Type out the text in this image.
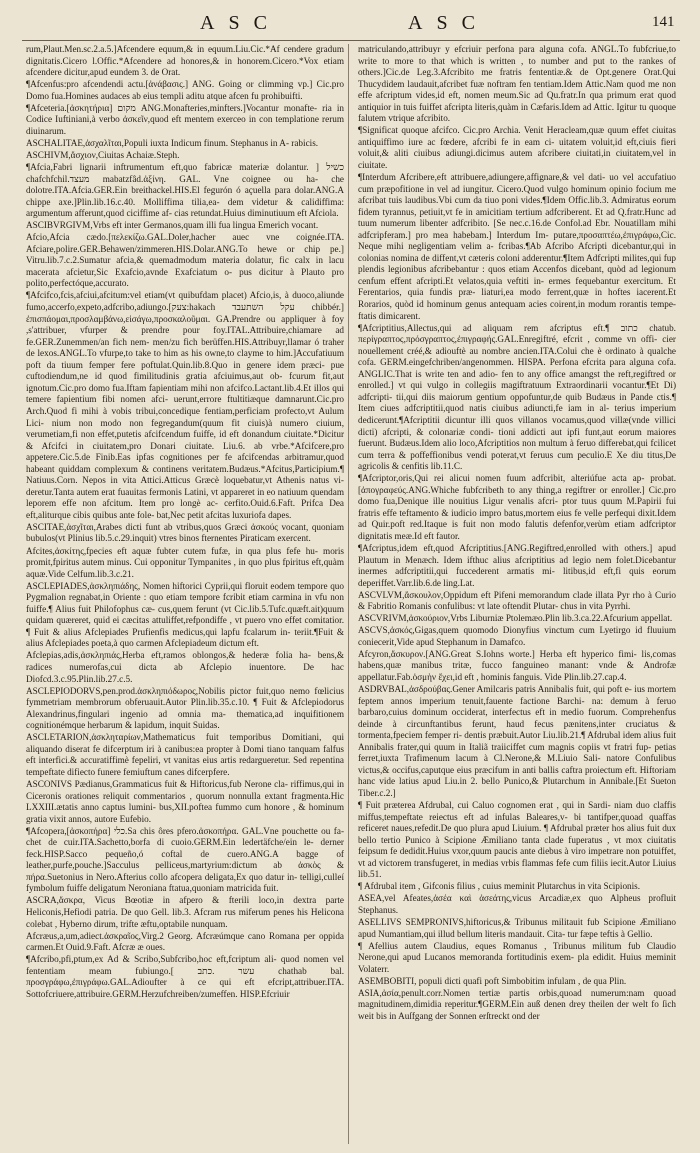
ASC	ASC	141

rum,Plaut.Men.sc.2.a.5.]Afcendere equum,& in equum.Liu.Cic.*Af cendere gradum dignitatis.Cicero l.Offic.*Afcendere ad honores,& in honorem.Cicero.*Vox etiam afcendere dicitur,apud eundem 3. de Orat.

¶Afcenfus:pro afcendendi actu.[ἀνάβασις.] ANG. Going or climming vp.] Cic.pro Domo fua.Homines audaces ab eius templi aditu atque afcen fu prohibuifti.

¶Afceteria.[ἀσκητήρια] מקום ANG.Monafteries,minfters.]Vocantur monafte- ria in Codice Iuftiniani,à verbo ἀσκεῖν,quod eft mentem exerceo in con templatione rerum diuinarum.

ASCHALITAE,ἀσχαλῖται,Populi iuxta Indicum finum. Stephanus in A- rabicis.

ASCHIVM,ἄσχιον,Ciuitas Achaiæ.Steph.

¶Afcia,Fabri lignarii inftrumentum eft,quo fabricæ materiæ dolantur. ] כשיל chafchfchil.מעצד mabatzfâd.ἀξίνη. GAL. Vne coignee ou ha- che dolotre.ITA.Afcia.GER.Ein breithackel.HIS.El fegurón ó açuella para dolar.ANG.A chippe axe.]Plin.lib.16.c.40. Molliffima tilia,ea- dem videtur & calidiffima: argumentum afferunt,quod ciciffime af- cias retundat.Huius diminutiuum eft Afciola.

ASCIBVRGIVM,Vrbs eft inter Germanos,quam illi fua lingua Emerich vocant.

Afcio,Afcia cædo.[πελεκίζω.GAL.Doler,hacher auec vne coignée.ITA. Afciare,polire.GER.Behawen/zimmeren.HIS.Dolar.ANG.To hewe or chip pe.] Vitru.lib.7.c.2.Sumatur afcia,& quemadmodum materia dolatur, fic calx in lacu macerata afcietur,Sic Exafcio,avnde Exafciatum o- pus dicitur à Plauto pro polito,perfectóque,accurato.

¶Afcifco,fcis,afciui,afcitum:vel etiam(vt quibufdam placet) Afcio,is, à duoco,aliunde fumo,accerfo,expeto,adfcribo,adiungo.[צעק:hakach עקל השתעבד chibbér.] ἐπισπάομαι,προσλαμβάνω,εἰσάγω,προσκαλοῦμαι. GA.Prendre ou appliquer à foy ,s'attribuer, vfurper & prendre pour foy.ITAL.Attribuire,chiamare ad fe.GER.Zunemmen/an fich nem- men/zu fich berüffen.HIS.Attribuyr,llamar ó traher de lexos.ANGL.To vfurpe,to take to him as his owne,to clayme to him.]Accufatiuum poft da tiuum femper fere poftulat.Quin.lib.8.Quo in genere idem præci- pue cuftodiendum,ne id quod fimilitudinis gratia afciuimus,aut ob- fcurum fit,aut ignotum.Cic.pro domo fua.Iftam fapientiam mihi non afcifco.Lactant.lib.4.Et illos qui temere fapientium fibi nomen afci- uerunt,errore ftultitiæque damnarunt.Cic.pro Arch.Quod fi mihi à vobis tribui,concedique fentiam,perficiam profecto,vt Aulum Lici- nium non modo non fegregandum(quum fit ciuis)à numero ciuium, verumetiam,fi non effet,putetis afcifcendum fuiffe, id eft donandum ciuitate.*Dicitur & Afcifci in ciuitatem,pro Donari ciuitate. Liu.6. ab vrbe.*Afcifcere,pro appetere.Cic.5.de Finib.Eas ipfas cognitiones per fe afcifcendas arbitramur,quod habeant quiddam complexum & continens veritatem.Budæus.*Afcitus,Participium.¶ Natiuus.Corn. Nepos in vita Attici.Atticus Græcè loquebatur,vt Athenis natus vi- deretur.Tanta autem erat fuauitas fermonis Latini, vt appareret in eo natiuum quendam leporem effe non afcitum. Item pro longè ac- cerfito.Ouid.6.Faft. Prifca Dea eft,aliturque cibis quibus ante fole- bat,Nec petit afcitas luxuriofa dapes.

ASCITAE,ἀσχῖται,Arabes dicti funt ab vtribus,quos Græci ἀσκούς vocant, quoniam bubulos(vt Plinius lib.5.c.29.inquit) vtres binos fternentes Piraticam exercent.

Afcites,ἀσκίτης,fpecies eft aquæ fubter cutem fufæ, in qua plus fefe hu- moris promit,fpiritus autem minus. Cui opponitur Tympanites , in quo plus fpiritus eft,quàm aquæ.Vide Celfum.lib.3.c.21.

ASCLEPIADES,ἀσκληπιάδης, Nomen hiftorici Cyprii,qui floruit eodem tempore quo Pygmalion regnabat,in Oriente : quo etiam tempore fcribit etiam carmina in vfu non fuiffe.¶ Alius fuit Philofophus cæ- cus,quem ferunt (vt Cic.lib.5.Tufc.quæft.ait)quum quidam quæreret, quid ei cæcitas attuliffet,refpondiffe , vt puero vno effet comitatior. ¶ Fuit & alius Afclepiades Prufienfis medicus,qui lapfu fcalarum in- teriit.¶Fuit & alius Afclepiades poeta,à quo carmen Afclepiadeum dictum eft.

Afclepias,adis,ἀσκληπιάς,Herba eft,ramos oblongos,& hederæ folia ha- bens,& radices numerofas,cui dicta ab Afclepio inuentore. De hac Diofcd.3.c.95.Plin.lib.27.c.5.

ASCLEPIODORVS,pen.prod.ἀσκληπιόδωρος,Nobilis pictor fuit,quo nemo fœlicius fymmetriam membrorum obferuauit.Autor Plin.lib.35.c.10. ¶ Fuit & Afclepiodorus Alexandrinus,fingulari ingenio ad omnia ma- thematica,ad inquifitionem cognitionémque herbarum & lapidum, inquit Suidas.

ASCLETARION,ἀσκληταρίων,Mathematicus fuit temporibus Domitiani, qui aliquando diserat fe difcerptum iri à canibus:ea propter à Domi tiano tanquam falfus eft interfici.& accuratiffimè fepeliri, vt vanitas eius artis redargueretur. Sed repentina tempeftate difiecto funere femiuftum canes difcerpfere.

ASCONIVS Pædianus,Grammaticus fuit & Hiftoricus,fub Nerone cla- riffimus,qui in Ciceronis orationes reliquit commentarios , quorum nonnulla extant fragmenta.Hic LXXIII.ætatis anno captus lumini- bus,XII.poftea fummo cum honore , & hominum gratia vixit annos, autore Eufebio.

¶Afcopera,[ἀσκοπήρα] כלי.Sa chis ôres pfero.ἀσκοπήρα. GAL.Vne pouchette ou fa- chet de cuir.ITA.Sachetto,borfa di cuoio.GERM.Ein ledertäfche/ein le- derner feck.HISP.Sacco pequeño,ó coftal de cuero.ANG.A bagge of leather,purfe,pouche.]Sacculus pelliceus,martyrium:dictum ab ἀσκὸς & πήρα.Suetonius in Nero.Afterius collo afcopera deligata,Ex quo datur in- telligi,culleí fymbolum fuiffe deligatum Neroniana ftatua,quoniam matricida fuit.

ASCRA,ἄσκρα, Vicus Bœotiæ in afpero & fterili loco,in dextra parte Heliconis,Hefiodi patria. De quo Gell. lib.3. Afcram rus miferum penes his Helicona colebat , Hyberno dirum, trifte æftu,optabile nunquam.

Afcræus,a,um,adiect.ἀσκραῖος,Virg.2 Georg. Afcræúmque cano Romana per oppida carmen.Et Ouid.9.Faft. Afcræ æ oues.

¶Afcribo,pfi,ptum,ex Ad & Scribo,Subfcribo,hoc eft,fcriptum ali- quod nomen vel fententiam meam fubiungo.[ עשר .כתב chathab bal. προσγράφω,ἐπιγράφω.GAL.Adioufter à ce qui eft efcript,attribuer.ITA. Sottofcriuere,attribuire.GERM.Herzufchreiben/zumeffen. HISP.Efcriuir

matriculando,attribuyr y efcriuir perfona para alguna cofa. ANGL.To fubfcriue,to write to more to that which is written , to number and put to the rankes of others.]Cic.de Leg.3.Afcribito me fratris fententiæ.& de Opt.genere Orat.Qui Thucydidem laudauit,afcribet fuæ noftram fen tentiam.Idem Attic.Nam quod me non effe afcriptum vides,id eft, nomen meum.Sic ad Qu.fratr.In qua primum erat quod antiquior in tuis fuiffet afcripta literis,quàm in Cæfaris.Idem ad Attic. Igitur tu quoque falutem vtrique afcribito.

¶Significat quoque afcifco. Cic.pro Archia. Venit Heracleam,quæ quum effet ciuitas antiquiffimo iure ac fœdere, afcribi fe in eam ci- uitatem voluit,id eft,ciuis fieri voluit,& aliti ciuibus adiungi.dicimus autem afcribere ciuitati,in ciuitatem,vel in ciuitate.

¶Interdum Afcribere,eft attribuere,adiungere,affignare,& vel dati- uo vel accufatiuo cum præpofitione in vel ad iungitur. Cicero.Quod vulgo hominum opinio focium me afcribat tuis laudibus.Vbi cum da tiuo poni vides.¶Idem Offic.lib.3. Admiratus eorum fidem tyrannus, petiuit,vt fe in amicitiam tertium adfcriberent. Et ad Q.fratr.Hunc ad tuum numerum libenter adfcribito. [Se nec.c.16.de Confol.ad Ebr. Nouatillam mihi adfcripferam.] pro mea habebam.] Interdum Im- putare,προσαπτέω,ἐπιγράφω,Cic. Neque mihi negligentiam velim a- fcribas.¶Ab Afcribo Afcripti dicebantur,qui in colonias nomina de diffent,vt cæteris coloni adderentur.¶Item Adfcripti milites,qui fup plendis legionibus afcribebantur : quos etiam Accenfos dicebant, quòd ad legionum cenfum effent afcripti.Et velatos,quia veftiti in- ermes fequebantur exercitum. Et Ferentarios, quia fundis præ- liaturi,ea modo ferrent,quæ in hoftes iacerent.Et Rorarios, quòd id hominum genus antequam acies coirent,in modum rorantis tempe- ftatis dimicarent.

¶Afcriptitius,Allectus,qui ad aliquam rem afcriptus eft.¶ כתוב chatub. περίγραπτος,πρόσγραπτος,ἐπιγραφής.GAL.Enregiftré, efcrit , comme vn offi- cier nouellement créé,& adiouftè au nombre ancien.ITA.Colui che è ordinato à qualche cofa. GERM.eingefchriben/angenommen. HISPA. Perfona efcrita para alguna cofa. ANGLIC.That is write ten and adio- fen to any office amangst the reft,regiftred or enrolled.] vt qui vulgo in collegiis magiftratuum Extraordinarii vocantur.¶Et Di) adfcripti- tii,qui diis maiorum gentium oppofuntur,de quib Budæus in Pande ctis.¶ Item ciues adfcriptitii,quod natis ciuibus adiuncti,fe iam in al- terius imperium dedicerunt.¶Afcriptitii dicuntur illi quos villanos vocamus,quod villæ(vnde villici dicti) afcripti, & colonariæ condi- tioni addicti aut ipfi funt,aut eorum maiores fuerunt. Budæus.Idem alio loco,Afcriptitios non multum à feruo differebat,qui fcilicet cum terra & poffeffionibus vendi poterat,vt feruus cum peculio.E Xe diu titus,De agricolis & cenfitis lib.11.C.

¶Afcriptor,oris,Qui rei alicui nomen fuum adfcribit, alteriúfue acta ap- probat.[ἀπογραφεύς.ANG.Whiche fubfcribeth to any thing,a regiftrer or enroller.] Cic.pro domo fua,Denique ille nouitius Ligur venalis afcri- ptor tuus quum M.Papirii fui fratris effe teftamento & iudicio impro batus,mortem eius fe velle perfequi dixit.Idem ad Quir.poft red.Itaque is fuit non modo falutis defenfor,verùm etiam adfcriptor dignitatis meæ.Id eft fautor.

¶Afcriptus,idem eft,quod Afcriptitius.[ANG.Regiftred,enrolled with others.] apud Plautum in Menæch. Idem ifthuc alius afcriptitius ad legio nem folet.Dicebantur inermes adfcriptitii,qui fuccederent armatis mi- litibus,id eft,fi quis eorum deperiffet.Varr.lib.6.de ling.Lat.

ASCVLVM,ἄσκουλον,Oppidum eft Pifeni memorandum clade illata Pyr rho à Curio & Fabritio Romanis confulibus: vt late oftendit Plutar- chus in vita Pyrrhi.

ASCVRIVM,ἀσκούριον,Vrbs Liburniæ Ptolemæo.Plin lib.3.ca.22.Afcurium appellat.

ASCVS,ἀσκός,Gigas,quem quomodo Dionyfius vinctum cum Lyetirgo id fluuium coniecerit,Vide apud Stephanum in Damafco.

Afcyron,ἄσκυρον.[ANG.Great S.Iohns worte.] Herba eft hyperico fimi- lis,comas habens,quæ manibus tritæ, fucco fanguineo manant: vnde & Androfæ appellatur.Fab.ὁσμὴν ἔχει,id eft , hominis fanguis. Vide Plin.lib.27.cap.4.

ASDRVBAL,ἀσδρούβας.Gener Amilcaris patris Annibalis fuit, qui poft e- ius mortem feptem annos imperium tenuit,fauente factione Barchi- na: demum à feruo barbaro,cuius dominum occiderat, interfectus eft in medio fuorum. Comprehenfus deinde à circunftantibus ferunt, haud fecus pænitens,inter cruciatus & tormenta,fpeciem femper ri- dentis præbuit.Autor Liu.lib.21.¶ Afdrubal idem alius fuit Annibalis frater,qui quum in Italiã traiiciffet cum magnis copiis vt fratri fup- petias ferret,iuxta Trafimenum lacum à Cl.Nerone,& M.Liuio Sali- natore Confulibus victus,& occifus,caputque eius præcifum in anti ballis caftra proiectum eft. Hiftoriam hanc vide latius apud Liu.in 2. bello Punico,& Plutarchum in Annibale.[Et Sueton Tiber.c.2.]

¶ Fuit præterea Afdrubal, cui Caluo cognomen erat , qui in Sardi- niam duo claffis miffus,tempeftate reiectus eft ad infulas Baleares,v- bi tantifper,quoad quaffas reficeret naues,refedit.De quo plura apud Liuium. ¶ Afdrubal præter hos alius fuit dux bello tertio Punico à Scipione Æmiliano tanta clade fuperatus , vt mox ciuitatis feipsum fe dedidit.Huius vxor,quum paucis ante diebus à viro impetrare non potuiffet, vt ad victorem transfugeret, in medias vrbis flammas fefe cum filiis iecit.Autor Liuius lib.51.

¶ Afdrubal item , Gifconis filius , cuius meminit Plutarchus in vita Scipionis.

ASEA,vel Afeates,ἀσέα καὶ ἀσεάτης,vicus Arcadiæ,ex quo Alpheus profluit Stephanus.

ASELLIVS SEMPRONIVS,hiftoricus,& Tribunus militauit fub Scipione Æmiliano apud Numantiam,qui illud bellum literis mandauit. Cita- tur fæpe teftis à Gellio.

¶ Afellius autem Claudius, eques Romanus , Tribunus militum fub Claudio Nerone,qui apud Lucanos memoranda fortitudinis exem- pla edidit. Huius meminit Volaterr.

ASEMBOBITI, populi dicti quafi poft Simbobitim infulam , de qua Plin.

ASIA,ἀσία,penult.corr.Nomen tertiæ partis orbis,quoad numerum:nam quoad magnitudinem,dimidia reperitur.¶GERM.Ein auß denen drey theilen der welt fo ſich weit bis in Auſfgang der Sonnen erſtreckt ond der
